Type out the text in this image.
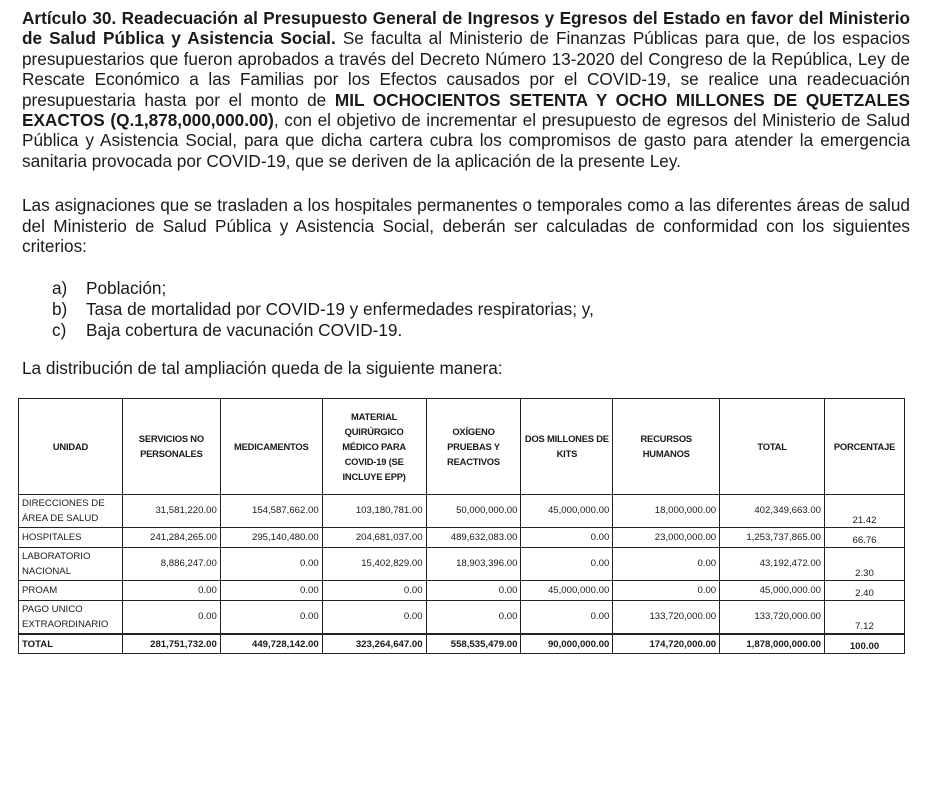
Artículo 30. Readecuación al Presupuesto General de Ingresos y Egresos del Estado en favor del Ministerio de Salud Pública y Asistencia Social. Se faculta al Ministerio de Finanzas Públicas para que, de los espacios presupuestarios que fueron aprobados a través del Decreto Número 13-2020 del Congreso de la República, Ley de Rescate Económico a las Familias por los Efectos causados por el COVID-19, se realice una readecuación presupuestaria hasta por el monto de MIL OCHOCIENTOS SETENTA Y OCHO MILLONES DE QUETZALES EXACTOS (Q.1,878,000,000.00), con el objetivo de incrementar el presupuesto de egresos del Ministerio de Salud Pública y Asistencia Social, para que dicha cartera cubra los compromisos de gasto para atender la emergencia sanitaria provocada por COVID-19, que se deriven de la aplicación de la presente Ley.

Las asignaciones que se trasladen a los hospitales permanentes o temporales como a las diferentes áreas de salud del Ministerio de Salud Pública y Asistencia Social, deberán ser calculadas de conformidad con los siguientes criterios:

a)	Población;
b)	Tasa de mortalidad por COVID-19 y enfermedades respiratorias; y,
c)	Baja cobertura de vacunación COVID-19.

La distribución de tal ampliación queda de la siguiente manera:

UNIDAD	SERVICIOS NO PERSONALES	MEDICAMENTOS	MATERIAL QUIRÚRGICO MÉDICO PARA COVID-19 (SE INCLUYE EPP)	OXÍGENO PRUEBAS Y REACTIVOS	DOS MILLONES DE KITS	RECURSOS HUMANOS	TOTAL	PORCENTAJE
DIRECCIONES DE ÁREA DE SALUD	31,581,220.00	154,587,662.00	103,180,781.00	50,000,000.00	45,000,000.00	18,000,000.00	402,349,663.00	21.42
HOSPITALES	241,284,265.00	295,140,480.00	204,681,037.00	489,632,083.00	0.00	23,000,000.00	1,253,737,865.00	66.76
LABORATORIO NACIONAL	8,886,247.00	0.00	15,402,829.00	18,903,396.00	0.00	0.00	43,192,472.00	2.30
PROAM	0.00	0.00	0.00	0.00	45,000,000.00	0.00	45,000,000.00	2.40
PAGO UNICO EXTRAORDINARIO	0.00	0.00	0.00	0.00	0.00	133,720,000.00	133,720,000.00	7.12
TOTAL	281,751,732.00	449,728,142.00	323,264,647.00	558,535,479.00	90,000,000.00	174,720,000.00	1,878,000,000.00	100.00
